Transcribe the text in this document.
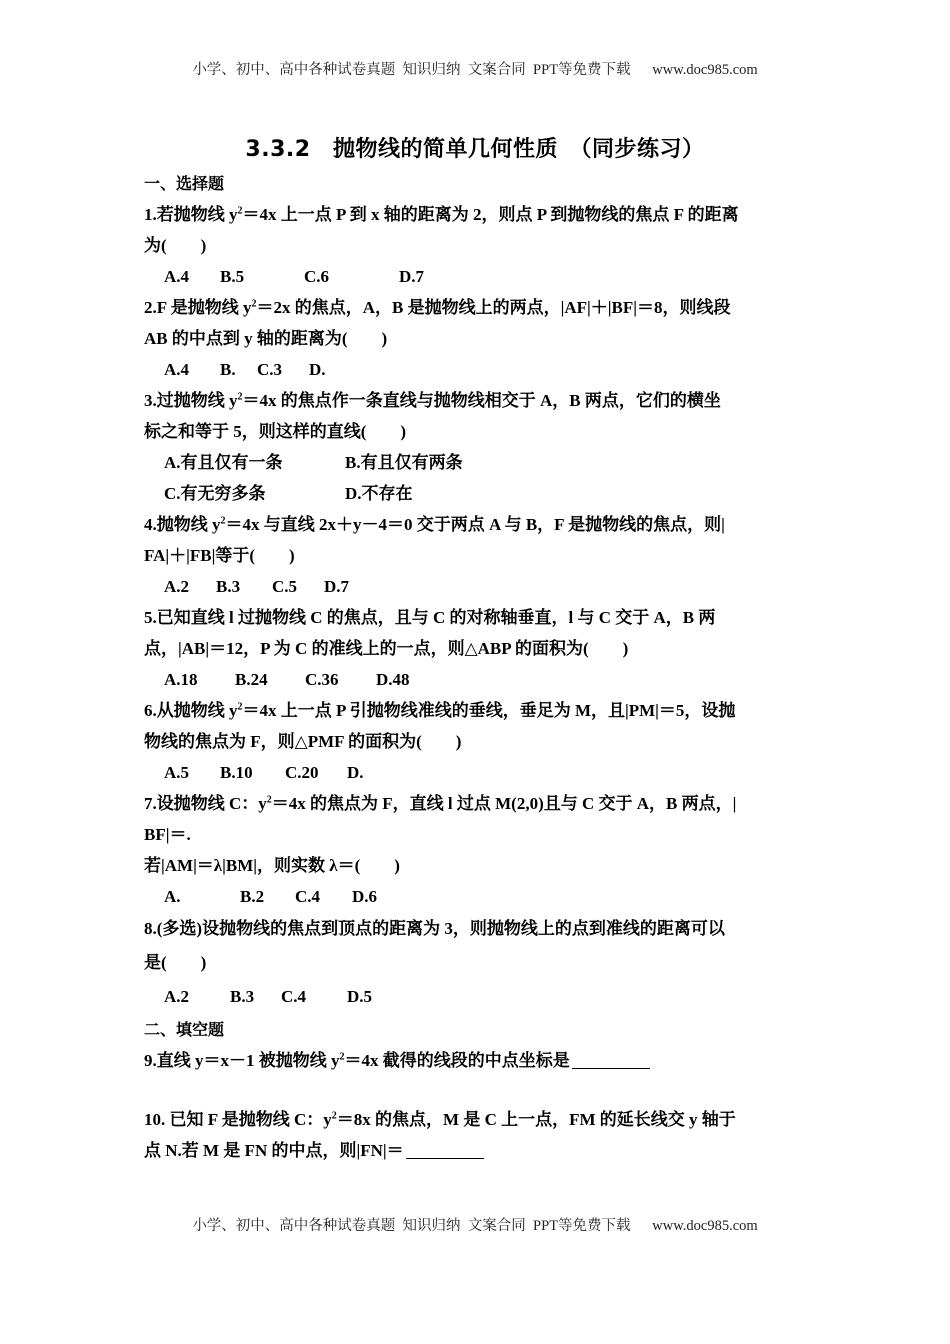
小学、初中、高中各种试卷真题  知识归纳  文案合同  PPT等免费下载      www.doc985.com
3.3.2　抛物线的简单几何性质　（同步练习）
一、选择题
1.若抛物线 $y^2=4x$ 上一点 P 到 x 轴的距离为 2，则点 P 到抛物线的焦点 F 的距离
为(　　)
A.4 B.5	C.6	D.7
2.F 是抛物线 $y^2=2x$ 的焦点，A，B 是抛物线上的两点，|AF|＋|BF|＝8，则线段
AB 的中点到 y 轴的距离为(　　)
A.4 B. C.3 D.
3.过抛物线 $y^2=4x$ 的焦点作一条直线与抛物线相交于 A，B 两点，它们的横坐
标之和等于 5，则这样的直线(　　)
A.有且仅有一条	B.有且仅有两条
C.有无穷多条	D.不存在
4.抛物线 $y^2=4x$ 与直线 2x＋y－4＝0 交于两点 A 与 B，F 是抛物线的焦点，则|
FA|＋|FB|等于(　　)
A.2 B.3 C.5 D.7
5.已知直线 l 过抛物线 C 的焦点，且与 C 的对称轴垂直，l 与 C 交于 A，B 两
点，|AB|＝12，P 为 C 的准线上的一点，则△ABP 的面积为(　　)
A.18 B.24 C.36 D.48
6.从抛物线 $y^2=4x$ 上一点 P 引抛物线准线的垂线，垂足为 M，且|PM|＝5，设抛
物线的焦点为 F，则△PMF 的面积为(　　)
A.5 B.10 C.20 D.
7.设抛物线 C：$y^2=4x$ 的焦点为 F，直线 l 过点 M(2,0)且与 C 交于 A，B 两点，|
BF|＝.
若|AM|＝λ|BM|，则实数 λ＝(　　)
A.	B.2 C.4 D.6
8.(多选)设抛物线的焦点到顶点的距离为 3，则抛物线上的点到准线的距离可以
是(　　)
A.2 B.3 C.4 D.5
二、填空题
9.直线 y＝x－1 被抛物线 $y^2=4x$ 截得的线段的中点坐标是
10. 已知 F 是抛物线 C：$y^2=8x$ 的焦点，M 是 C 上一点，FM 的延长线交 y 轴于
点 N.若 M 是 FN 的中点，则|FN|＝
小学、初中、高中各种试卷真题  知识归纳  文案合同  PPT等免费下载      www.doc985.com
